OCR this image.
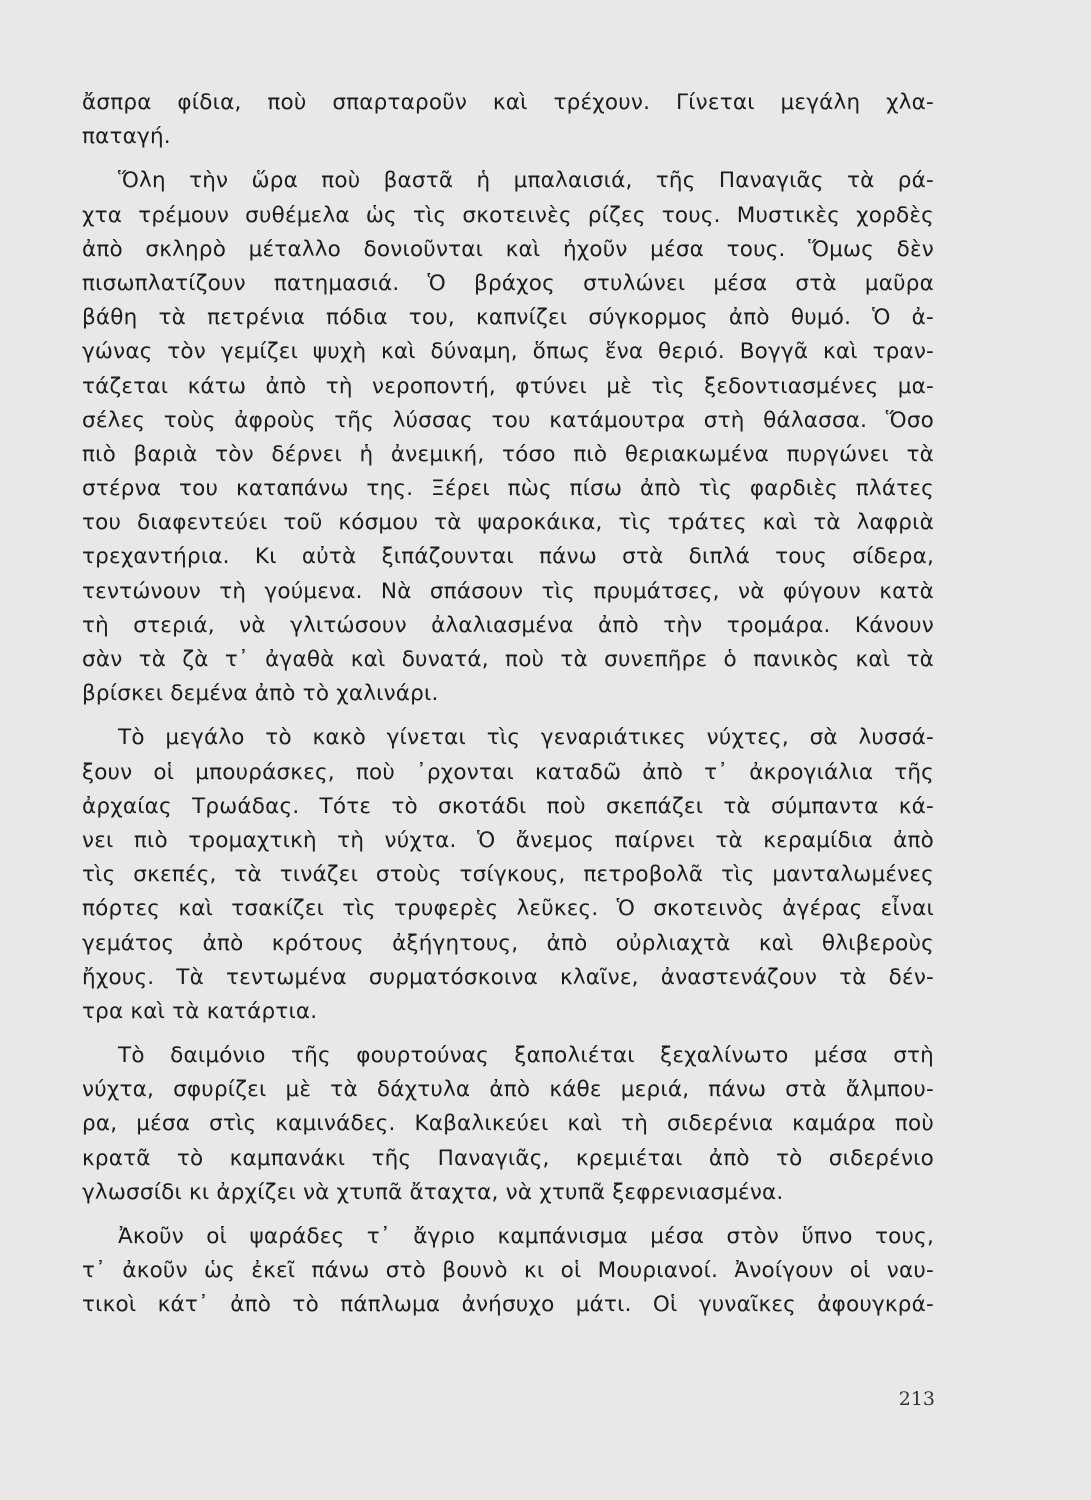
ἄσπρα φίδια, ποὺ σπαρταροῦν καὶ τρέχουν. Γίνεται μεγάλη χλα-
παταγή.
Ὅλη τὴν ὥρα ποὺ βαστᾶ ἡ μπαλαισιά, τῆς Παναγιᾶς τὰ ρά-
χτα τρέμουν συθέμελα ὡς τὶς σκοτεινὲς ρίζες τους. Μυστικὲς χορδὲς
ἀπὸ σκληρὸ μέταλλο δονιοῦνται καὶ ἠχοῦν μέσα τους. Ὅμως δὲν
πισωπλατίζουν πατημασιά. Ὁ βράχος στυλώνει μέσα στὰ μαῦρα
βάθη τὰ πετρένια πόδια του, καπνίζει σύγκορμος ἀπὸ θυμό. Ὁ ἀ-
γώνας τὸν γεμίζει ψυχὴ καὶ δύναμη, ὅπως ἕνα θεριό. Βογγᾶ καὶ τραν-
τάζεται κάτω ἀπὸ τὴ νεροποντή, φτύνει μὲ τὶς ξεδοντιασμένες μα-
σέλες τοὺς ἀφροὺς τῆς λύσσας του κατάμουτρα στὴ θάλασσα. Ὅσο
πιὸ βαριὰ τὸν δέρνει ἡ ἀνεμική, τόσο πιὸ θεριακωμένα πυργώνει τὰ
στέρνα του καταπάνω της. Ξέρει πὼς πίσω ἀπὸ τὶς φαρδιὲς πλάτες
του διαφεντεύει τοῦ κόσμου τὰ ψαροκάικα, τὶς τράτες καὶ τὰ λαφριὰ
τρεχαντήρια. Κι αὐτὰ ξιπάζουνται πάνω στὰ διπλά τους σίδερα,
τεντώνουν τὴ γούμενα. Νὰ σπάσουν τὶς πρυμάτσες, νὰ φύγουν κατὰ
τὴ στεριά, νὰ γλιτώσουν ἀλαλιασμένα ἀπὸ τὴν τρομάρα. Κάνουν
σὰν τὰ ζὰ τ᾽ ἀγαθὰ καὶ δυνατά, ποὺ τὰ συνεπῆρε ὁ πανικὸς καὶ τὰ
βρίσκει δεμένα ἀπὸ τὸ χαλινάρι.
Τὸ μεγάλο τὸ κακὸ γίνεται τὶς γεναριάτικες νύχτες, σὰ λυσσά-
ξουν οἱ μπουράσκες, ποὺ ᾽ρχονται καταδῶ ἀπὸ τ᾽ ἀκρογιάλια τῆς
ἀρχαίας Τρωάδας. Τότε τὸ σκοτάδι ποὺ σκεπάζει τὰ σύμπαντα κά-
νει πιὸ τρομαχτικὴ τὴ νύχτα. Ὁ ἄνεμος παίρνει τὰ κεραμίδια ἀπὸ
τὶς σκεπές, τὰ τινάζει στοὺς τσίγκους, πετροβολᾶ τὶς μανταλωμένες
πόρτες καὶ τσακίζει τὶς τρυφερὲς λεῦκες. Ὁ σκοτεινὸς ἀγέρας εἶναι
γεμάτος ἀπὸ κρότους ἀξήγητους, ἀπὸ οὐρλιαχτὰ καὶ θλιβεροὺς
ἤχους. Τὰ τεντωμένα συρματόσκοινα κλαῖνε, ἀναστενάζουν τὰ δέν-
τρα καὶ τὰ κατάρτια.
Τὸ δαιμόνιο τῆς φουρτούνας ξαπολιέται ξεχαλίνωτο μέσα στὴ
νύχτα, σφυρίζει μὲ τὰ δάχτυλα ἀπὸ κάθε μεριά, πάνω στὰ ἄλμπου-
ρα, μέσα στὶς καμινάδες. Καβαλικεύει καὶ τὴ σιδερένια καμάρα ποὺ
κρατᾶ τὸ καμπανάκι τῆς Παναγιᾶς, κρεμιέται ἀπὸ τὸ σιδερένιο
γλωσσίδι κι ἀρχίζει νὰ χτυπᾶ ἄταχτα, νὰ χτυπᾶ ξεφρενιασμένα.
Ἀκοῦν οἱ ψαράδες τ᾽ ἄγριο καμπάνισμα μέσα στὸν ὕπνο τους,
τ᾽ ἀκοῦν ὡς ἐκεῖ πάνω στὸ βουνὸ κι οἱ Μουριανοί. Ἀνοίγουν οἱ ναυ-
τικοὶ κάτ᾽ ἀπὸ τὸ πάπλωμα ἀνήσυχο μάτι. Οἱ γυναῖκες ἀφουγκρά-
213
